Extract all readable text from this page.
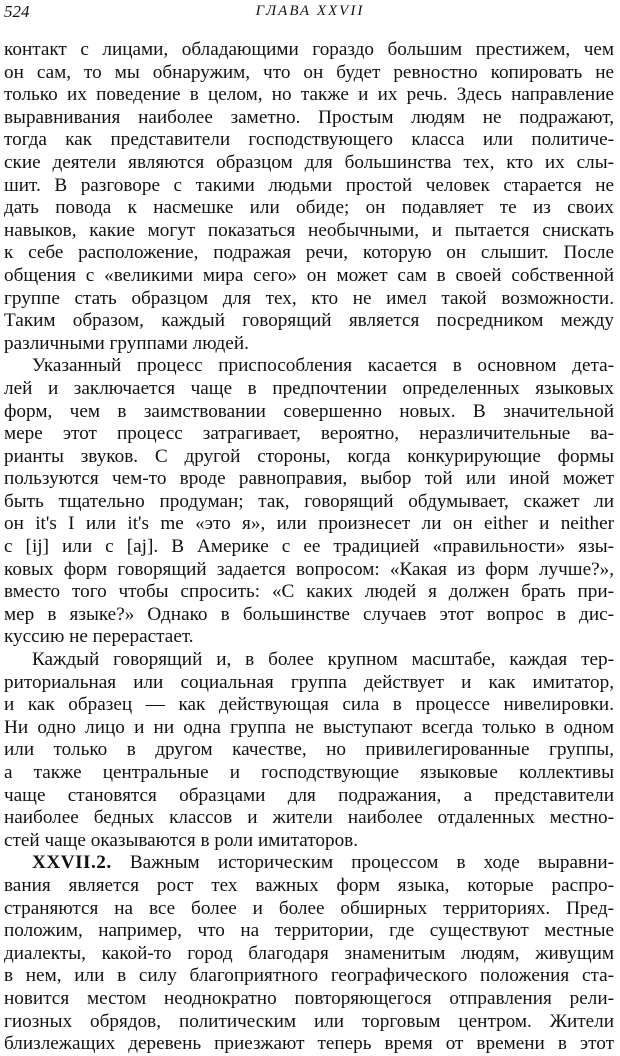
524	ГЛАВА XXVII
контакт с лицами, обладающими гораздо большим престижем, чем
он сам, то мы обнаружим, что он будет ревностно копировать не
только их поведение в целом, но также и их речь. Здесь направление
выравнивания наиболее заметно. Простым людям не подражают,
тогда как представители господствующего класса или политиче-
ские деятели являются образцом для большинства тех, кто их слы-
шит. В разговоре с такими людьми простой человек старается не
дать повода к насмешке или обиде; он подавляет те из своих
навыков, какие могут показаться необычными, и пытается снискать
к себе расположение, подражая речи, которую он слышит. После
общения с «великими мира сего» он может сам в своей собственной
группе стать образцом для тех, кто не имел такой возможности.
Таким образом, каждый говорящий является посредником между
различными группами людей.
Указанный процесс приспособления касается в основном дета-
лей и заключается чаще в предпочтении определенных языковых
форм, чем в заимствовании совершенно новых. В значительной
мере этот процесс затрагивает, вероятно, неразличительные ва-
рианты звуков. С другой стороны, когда конкурирующие формы
пользуются чем-то вроде равноправия, выбор той или иной может
быть тщательно продуман; так, говорящий обдумывает, скажет ли
он it's I или it's me «это я», или произнесет ли он either и neither
с [ij] или с [aj]. В Америке с ее традицией «правильности» язы-
ковых форм говорящий задается вопросом: «Какая из форм лучше?»,
вместо того чтобы спросить: «С каких людей я должен брать при-
мер в языке?» Однако в большинстве случаев этот вопрос в дис-
куссию не перерастает.
Каждый говорящий и, в более крупном масштабе, каждая тер-
риториальная или социальная группа действует и как имитатор,
и как образец — как действующая сила в процессе нивелировки.
Ни одно лицо и ни одна группа не выступают всегда только в одном
или только в другом качестве, но привилегированные группы,
а также центральные и господствующие языковые коллективы
чаще становятся образцами для подражания, а представители
наиболее бедных классов и жители наиболее отдаленных местно-
стей чаще оказываются в роли имитаторов.
XXVII.2. Важным историческим процессом в ходе выравни-
вания является рост тех важных форм языка, которые распро-
страняются на все более и более обширных территориях. Пред-
положим, например, что на территории, где существуют местные
диалекты, какой-то город благодаря знаменитым людям, живущим
в нем, или в силу благоприятного географического положения ста-
новится местом неоднократно повторяющегося отправления рели-
гиозных обрядов, политическим или торговым центром. Жители
близлежащих деревень приезжают теперь время от времени в этот
